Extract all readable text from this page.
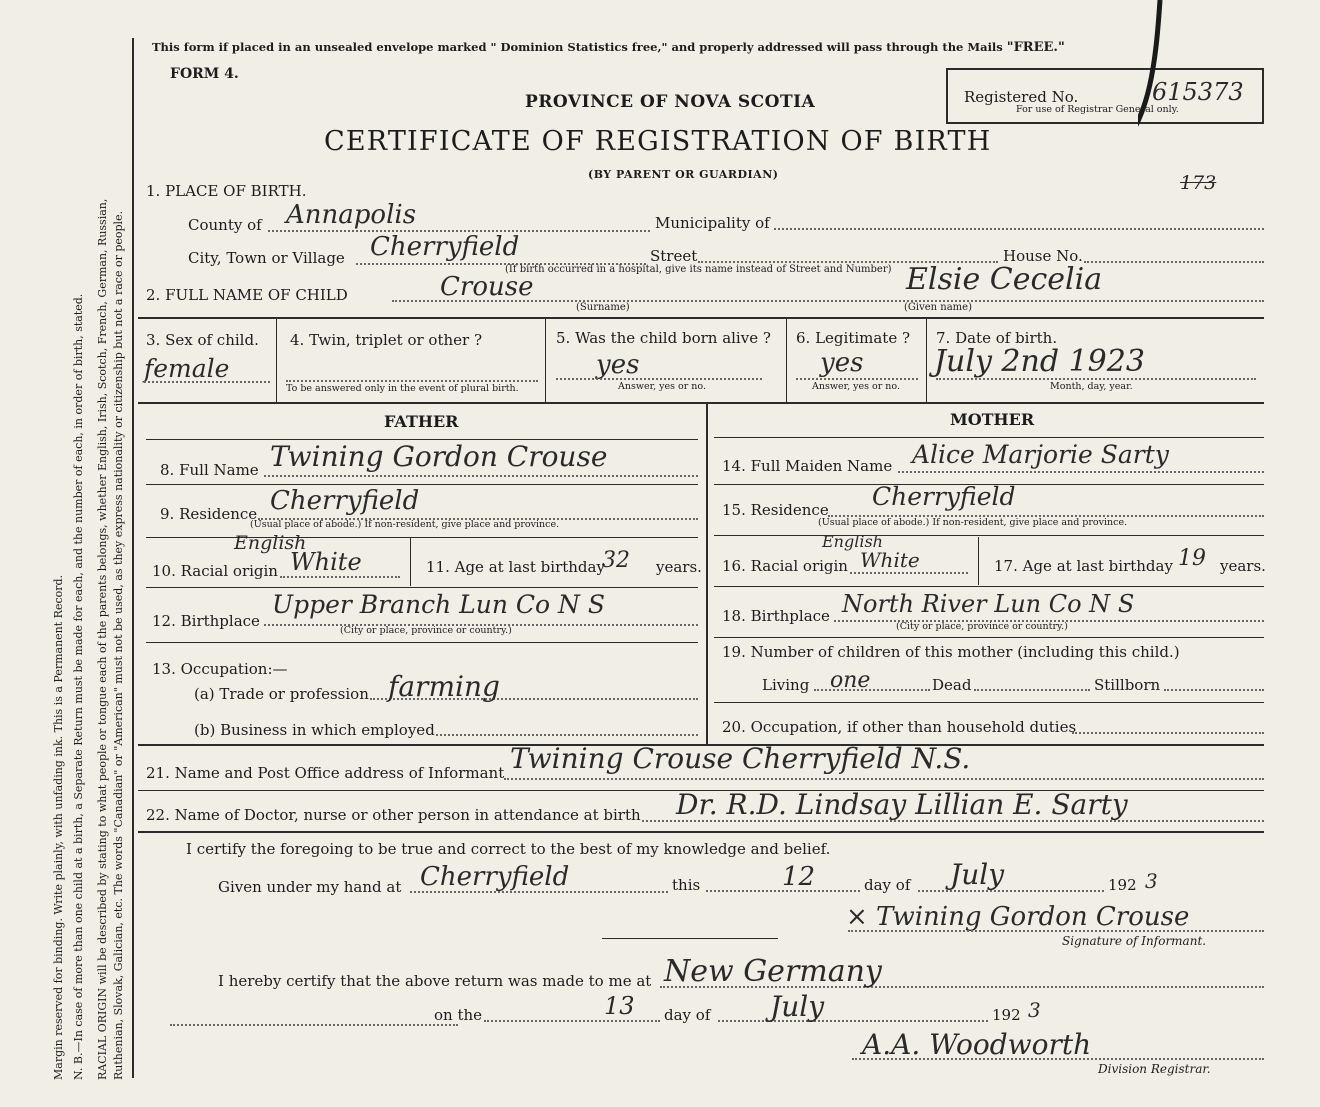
Margin reserved for binding. Write plainly, with unfading ink. This is a Permanent Record. N. B.—In case of more than one child at a birth, a Separate Return must be made for each, and the number of each, in order of birth, stated. RACIAL ORIGIN will be described by stating to what people or tongue each of the parents belongs, whether English, Irish, Scotch, French, German, Russian, Ruthenian, Slovak, Galician, etc. The words "Canadian" or "American" must not be used, as they express nationality or citizenship but not a race or people.
This form if placed in an unsealed envelope marked " Dominion Statistics free," and properly addressed will pass through the Mails "FREE."
FORM 4.
PROVINCE OF NOVA SCOTIA
CERTIFICATE OF REGISTRATION OF BIRTH
(BY PARENT OR GUARDIAN)
Registered No.	615373
For use of Registrar General only.
173
1. PLACE OF BIRTH.
County of Annapolis	Municipality of
City, Town or Village Cherryfield	Street	House No.
(If birth occurred in a hospital, give its name instead of Street and Number)
2. FULL NAME OF CHILD	Crouse	Elsie Cecelia
(Surname)	(Given name)
3. Sex of child.
female
4. Twin, triplet or other ?
To be answered only in the event of plural birth.
5. Was the child born alive ?
yes
Answer, yes or no.
6. Legitimate ?
yes
Answer, yes or no.
7. Date of birth.
July 2nd 1923
Month, day, year.
FATHER	MOTHER
8. Full Name Twining Gordon Crouse
9. Residence Cherryfield
(Usual place of abode.) If non-resident, give place and province.
10. Racial origin
English
White	11. Age at last birthday
32 years.
12. Birthplace
Upper Branch Lun Co N S
(City or place, province or country.)
13. Occupation:—
(a) Trade or profession farming
(b) Business in which employed
14. Full Maiden Name Alice Marjorie Sarty
15. Residence Cherryfield
(Usual place of abode.) If non-resident, give place and province.
16. Racial origin
English
White	17. Age at last birthday 19 years.
18. Birthplace North River Lun Co N S
(City or place, province or country.)
19. Number of children of this mother (including this child.)
Living one	Dead	Stillborn
20. Occupation, if other than household duties
21. Name and Post Office address of Informant Twining Crouse Cherryfield N.S.
22. Name of Doctor, nurse or other person in attendance at birth Dr. R.D. Lindsay Lillian E. Sarty
I certify the foregoing to be true and correct to the best of my knowledge and belief.
Given under my hand at Cherryfield	this	12	day of July	192 3
× Twining Gordon Crouse
Signature of Informant.
I hereby certify that the above return was made to me at New Germany
on the	13 day of July	192 3
A.A. Woodworth
Division Registrar.
